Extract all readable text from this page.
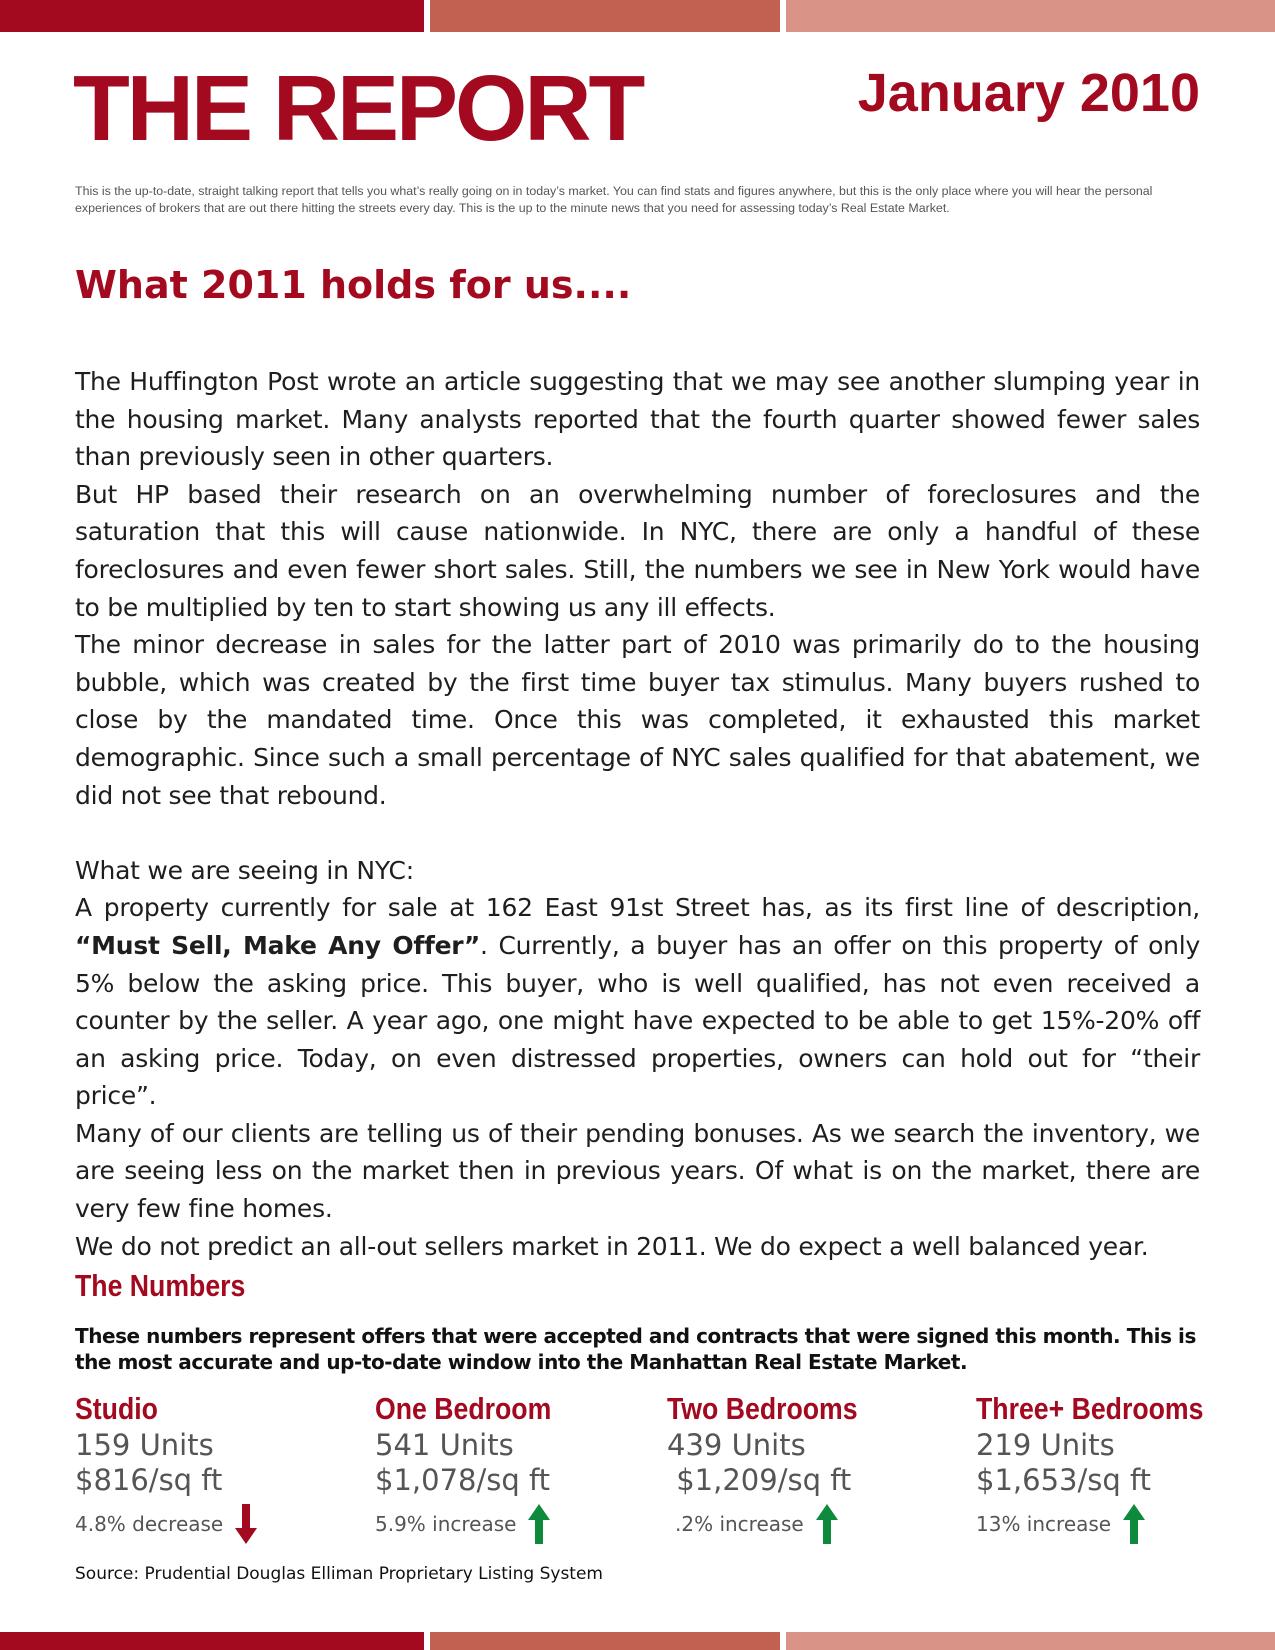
THE REPORT	January 2010

This is the up-to-date, straight talking report that tells you what’s really going on in today’s market. You can find stats and figures anywhere, but this is the only place where you will hear the personal experiences of brokers that are out there hitting the streets every day. This is the up to the minute news that you need for assessing today’s Real Estate Market.

What 2011 holds for us....

The Huffington Post wrote an article suggesting that we may see another slumping year in the housing market. Many analysts reported that the fourth quarter showed fewer sales than previously seen in other quarters.

But HP based their research on an overwhelming number of foreclosures and the saturation that this will cause nationwide. In NYC, there are only a handful of these foreclosures and even fewer short sales. Still, the numbers we see in New York would have to be multiplied by ten to start showing us any ill effects.

The minor decrease in sales for the latter part of 2010 was primarily do to the housing bubble, which was created by the first time buyer tax stimulus. Many buyers rushed to close by the mandated time. Once this was completed, it exhausted this market demographic. Since such a small percentage of NYC sales qualified for that abatement, we did not see that rebound.

What we are seeing in NYC:

A property currently for sale at 162 East 91st Street has, as its first line of description, “Must Sell, Make Any Offer”. Currently, a buyer has an offer on this property of only 5% below the asking price. This buyer, who is well qualified, has not even received a counter by the seller. A year ago, one might have expected to be able to get 15%-20% off an asking price. Today, on even distressed properties, owners can hold out for “their price”.

Many of our clients are telling us of their pending bonuses. As we search the inventory, we are seeing less on the market then in previous years. Of what is on the market, there are very few fine homes.

We do not predict an all-out sellers market in 2011. We do expect a well balanced year.

The Numbers

These numbers represent offers that were accepted and contracts that were signed this month. This is the most accurate and up-to-date window into the Manhattan Real Estate Market.

Studio
159 Units
$816/sq ft
4.8% decrease
One Bedroom
541 Units
$1,078/sq ft
5.9% increase
Two Bedrooms
439 Units
$1,209/sq ft
.2% increase
Three+ Bedrooms
219 Units
$1,653/sq ft
13% increase

Source: Prudential Douglas Elliman Proprietary Listing System
